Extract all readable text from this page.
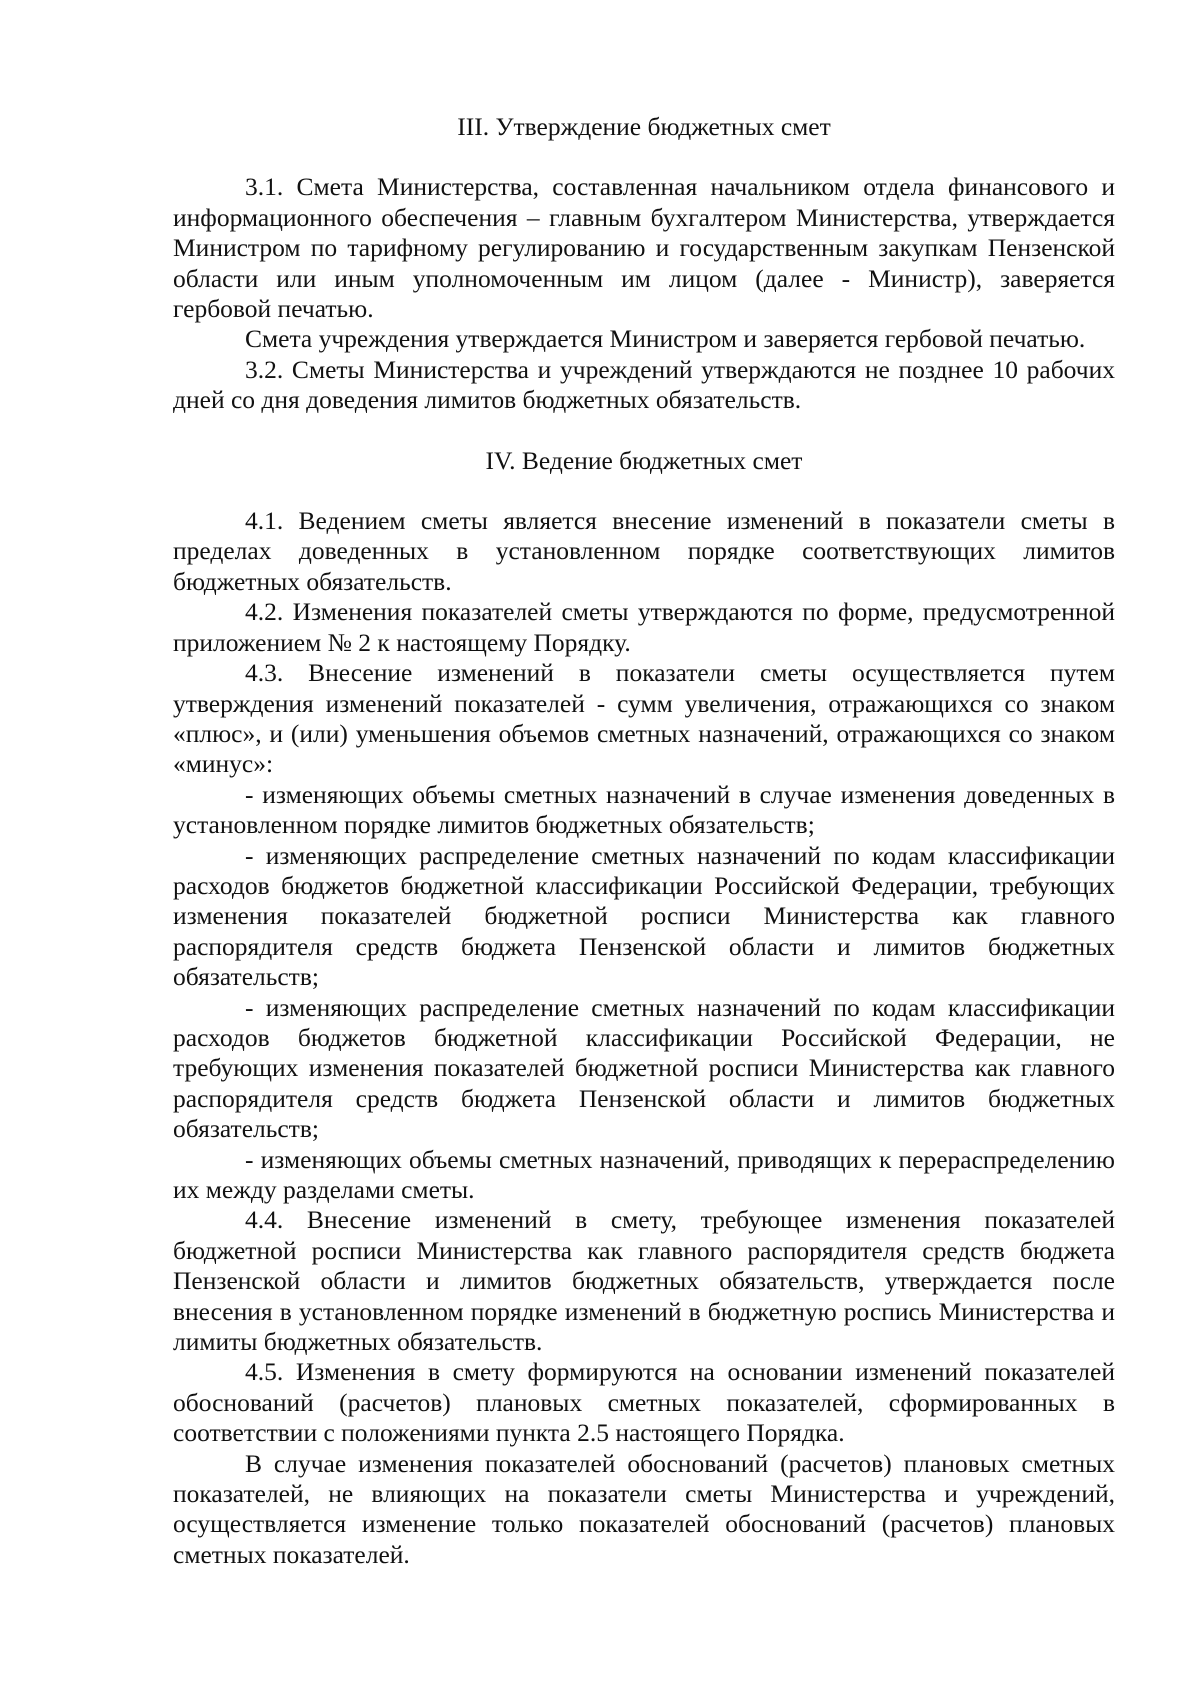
III. Утверждение бюджетных смет

3.1. Смета Министерства, составленная начальником отдела финансового и информационного обеспечения – главным бухгалтером Министерства, утверждается Министром по тарифному регулированию и государственным закупкам Пензенской области или иным уполномоченным им лицом (далее - Министр), заверяется гербовой печатью.

Смета учреждения утверждается Министром и заверяется гербовой печатью.

3.2. Сметы Министерства и учреждений утверждаются не позднее 10 рабочих дней со дня доведения лимитов бюджетных обязательств.

IV. Ведение бюджетных смет

4.1. Ведением сметы является внесение изменений в показатели сметы в пределах доведенных в установленном порядке соответствующих лимитов бюджетных обязательств.

4.2. Изменения показателей сметы утверждаются по форме, предусмотренной приложением № 2 к настоящему Порядку.

4.3. Внесение изменений в показатели сметы осуществляется путем утверждения изменений показателей - сумм увеличения, отражающихся со знаком «плюс», и (или) уменьшения объемов сметных назначений, отражающихся со знаком «минус»:

- изменяющих объемы сметных назначений в случае изменения доведенных в установленном порядке лимитов бюджетных обязательств;

- изменяющих распределение сметных назначений по кодам классификации расходов бюджетов бюджетной классификации Российской Федерации, требующих изменения показателей бюджетной росписи Министерства как главного распорядителя средств бюджета Пензенской области и лимитов бюджетных обязательств;

- изменяющих распределение сметных назначений по кодам классификации расходов бюджетов бюджетной классификации Российской Федерации, не требующих изменения показателей бюджетной росписи Министерства как главного распорядителя средств бюджета Пензенской области и лимитов бюджетных обязательств;

- изменяющих объемы сметных назначений, приводящих к перераспределению их между разделами сметы.

4.4. Внесение изменений в смету, требующее изменения показателей бюджетной росписи Министерства как главного распорядителя средств бюджета Пензенской области и лимитов бюджетных обязательств, утверждается после внесения в установленном порядке изменений в бюджетную роспись Министерства и лимиты бюджетных обязательств.

4.5. Изменения в смету формируются на основании изменений показателей обоснований (расчетов) плановых сметных показателей, сформированных в соответствии с положениями пункта 2.5 настоящего Порядка.

В случае изменения показателей обоснований (расчетов) плановых сметных показателей, не влияющих на показатели сметы Министерства и учреждений, осуществляется изменение только показателей обоснований (расчетов) плановых сметных показателей.
